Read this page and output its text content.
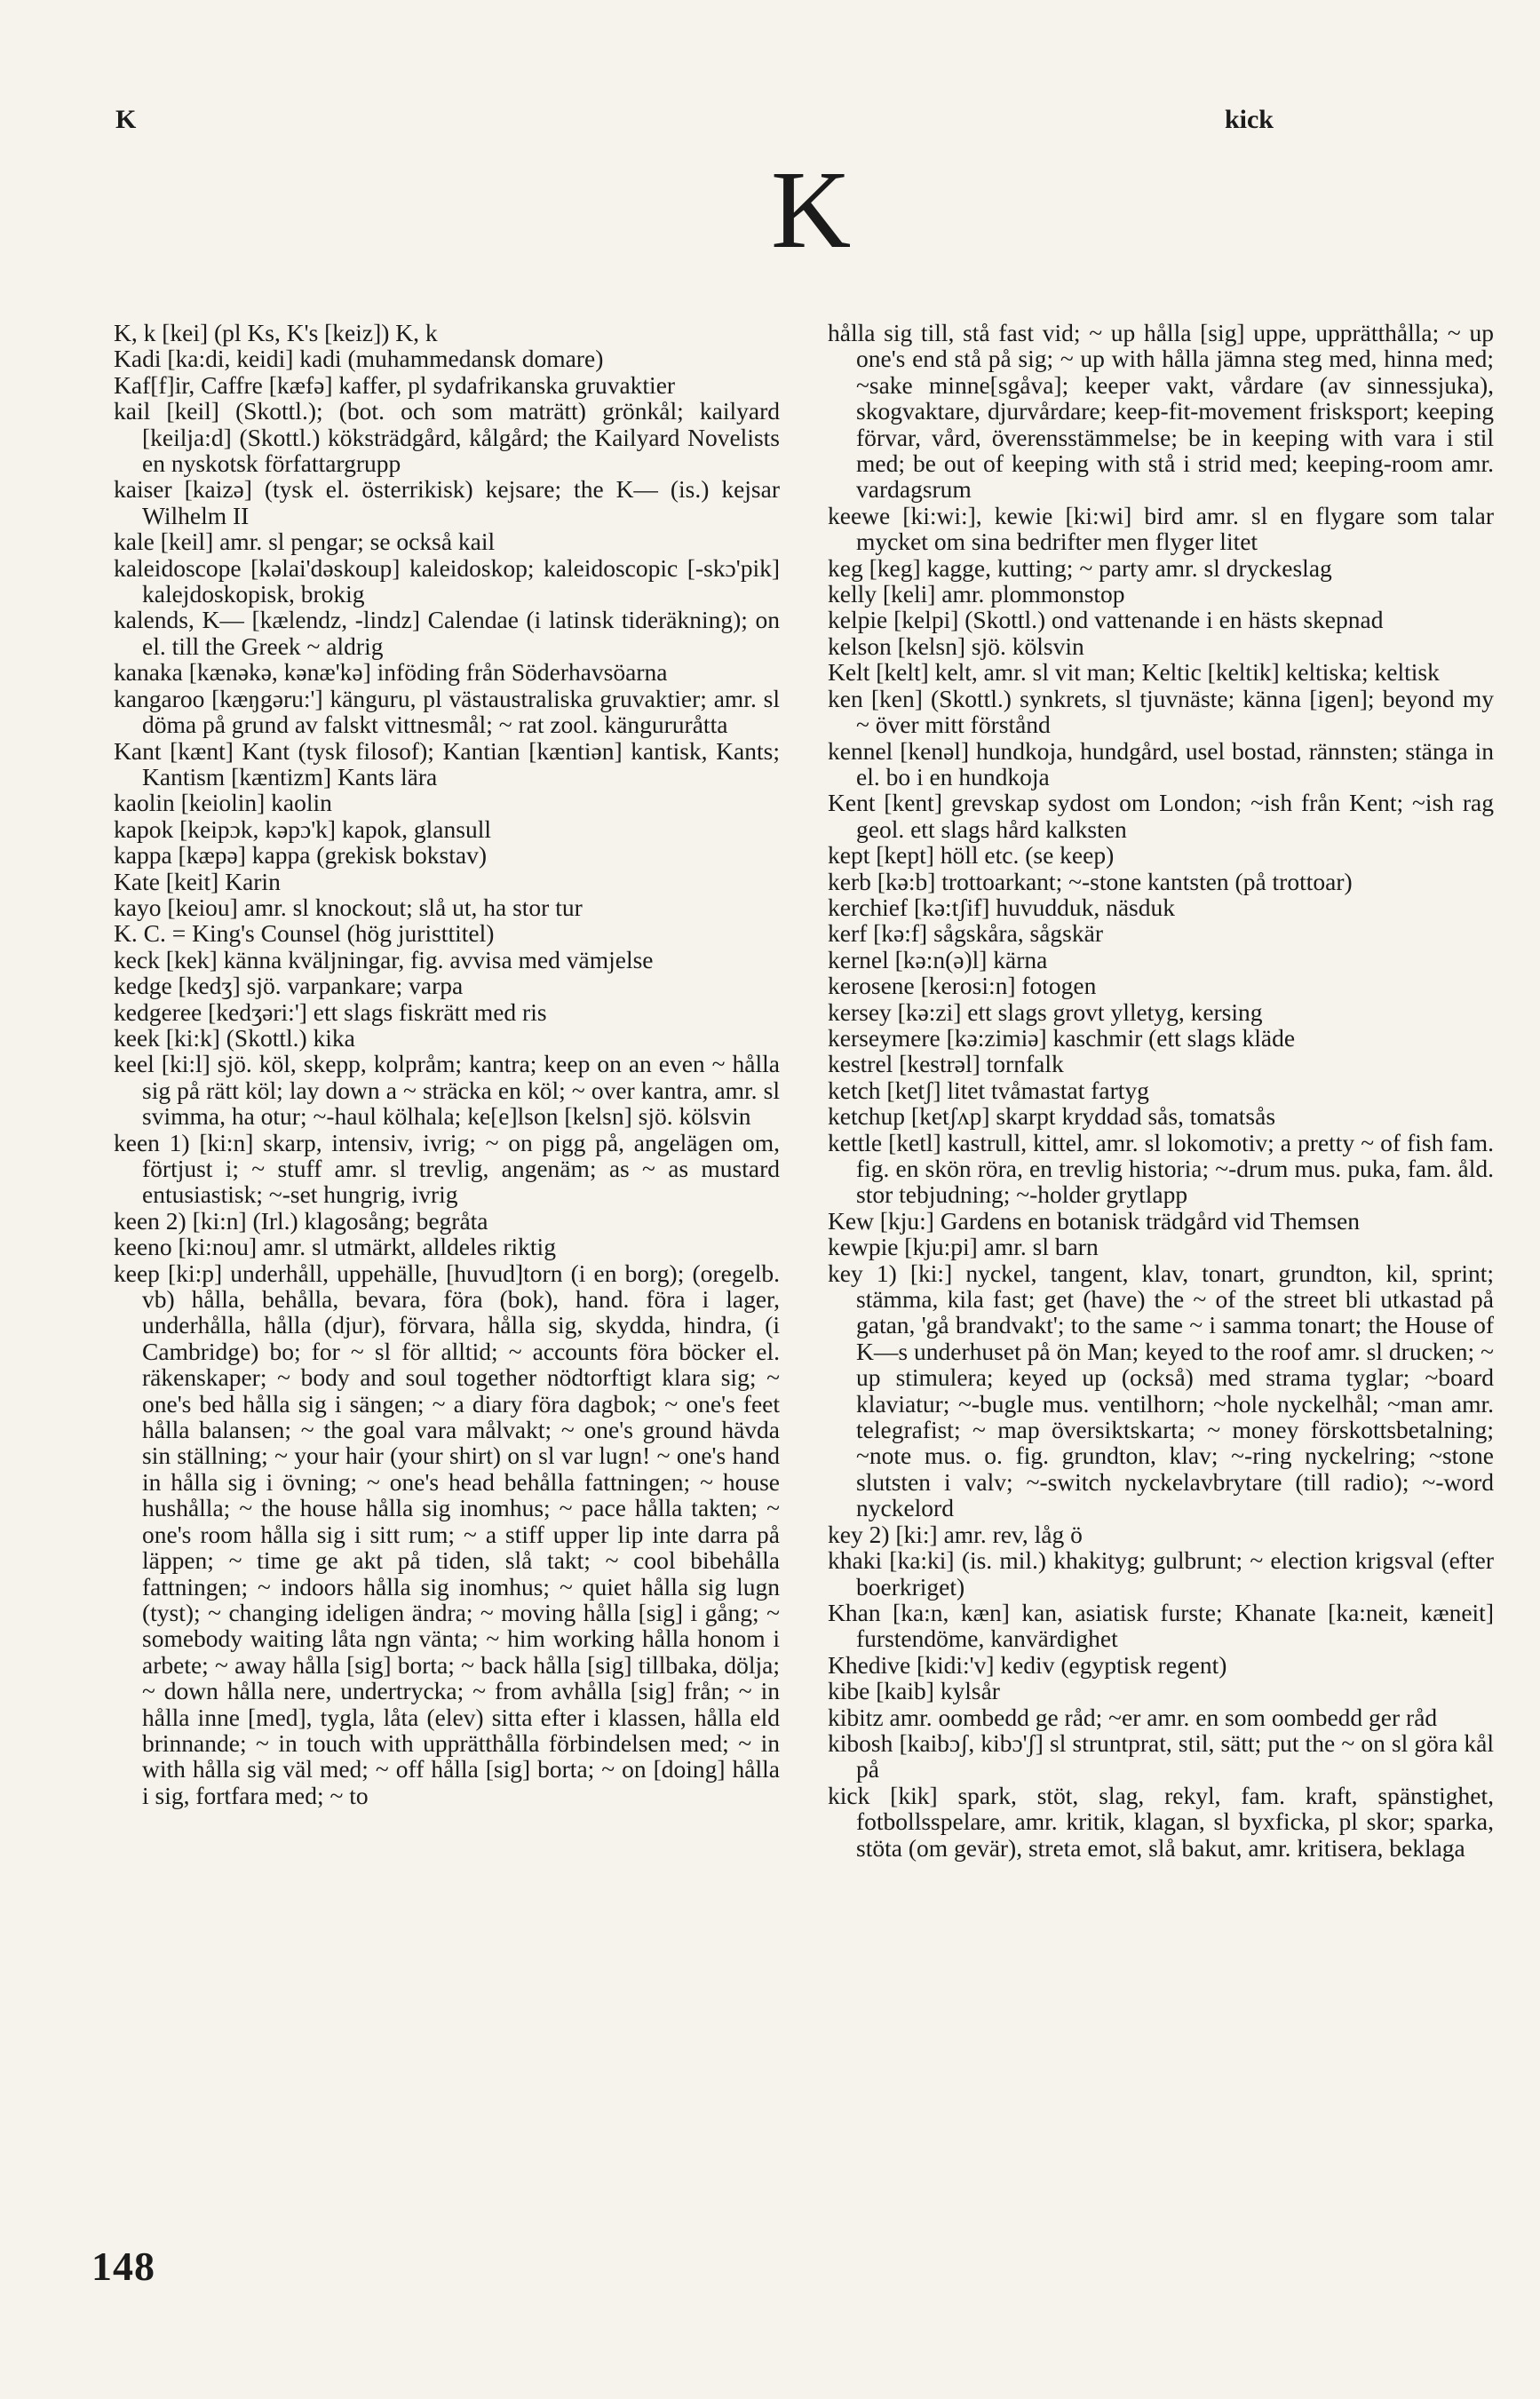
K	kick
K

K, k [kei] (pl Ks, K's [keiz]) K, k

Kadi [ka:di, keidi] kadi (muhammedansk domare)

Kaf[f]ir, Caffre [kæfə] kaffer, pl sydafrikanska gruvaktier

kail [keil] (Skottl.); (bot. och som maträtt) grönkål; kailyard [keilja:d] (Skottl.) köksträdgård, kålgård; the Kailyard Novelists en nyskotsk författargrupp

kaiser [kaizə] (tysk el. österrikisk) kejsare; the K— (is.) kejsar Wilhelm II

kale [keil] amr. sl pengar; se också kail

kaleidoscope [kəlai'dəskoup] kaleidoskop; kaleidoscopic [-skɔ'pik] kalejdoskopisk, brokig

kalends, K— [kælendz, -lindz] Calendae (i latinsk tideräkning); on el. till the Greek ~ aldrig

kanaka [kænəkə, kənæ'kə] inföding från Söderhavsöarna

kangaroo [kæŋgəru:'] känguru, pl västaustraliska gruvaktier; amr. sl döma på grund av falskt vittnesmål; ~ rat zool. kängururåtta

Kant [kænt] Kant (tysk filosof); Kantian [kæntiən] kantisk, Kants; Kantism [kæntizm] Kants lära

kaolin [keiolin] kaolin

kapok [keipɔk, kəpɔ'k] kapok, glansull

kappa [kæpə] kappa (grekisk bokstav)

Kate [keit] Karin

kayo [keiou] amr. sl knockout; slå ut, ha stor tur

K. C. = King's Counsel (hög juristtitel)

keck [kek] känna kväljningar, fig. avvisa med vämjelse

kedge [kedʒ] sjö. varpankare; varpa

kedgeree [kedʒəri:'] ett slags fiskrätt med ris

keek [ki:k] (Skottl.) kika

keel [ki:l] sjö. köl, skepp, kolpråm; kantra; keep on an even ~ hålla sig på rätt köl; lay down a ~ sträcka en köl; ~ over kantra, amr. sl svimma, ha otur; ~-haul kölhala; ke[e]lson [kelsn] sjö. kölsvin

keen 1) [ki:n] skarp, intensiv, ivrig; ~ on pigg på, angelägen om, förtjust i; ~ stuff amr. sl trevlig, angenäm; as ~ as mustard entusiastisk; ~-set hungrig, ivrig

keen 2) [ki:n] (Irl.) klagosång; begråta

keeno [ki:nou] amr. sl utmärkt, alldeles riktig

keep [ki:p] underhåll, uppehälle, [huvud]torn (i en borg); (oregelb. vb) hålla, behålla, bevara, föra (bok), hand. föra i lager, underhålla, hålla (djur), förvara, hålla sig, skydda, hindra, (i Cambridge) bo; for ~ sl för alltid; ~ accounts föra böcker el. räkenskaper; ~ body and soul together nödtorftigt klara sig; ~ one's bed hålla sig i sängen; ~ a diary föra dagbok; ~ one's feet hålla balansen; ~ the goal vara målvakt; ~ one's ground hävda sin ställning; ~ your hair (your shirt) on sl var lugn! ~ one's hand in hålla sig i övning; ~ one's head behålla fattningen; ~ house hushålla; ~ the house hålla sig inomhus; ~ pace hålla takten; ~ one's room hålla sig i sitt rum; ~ a stiff upper lip inte darra på läppen; ~ time ge akt på tiden, slå takt; ~ cool bibehålla fattningen; ~ indoors hålla sig inomhus; ~ quiet hålla sig lugn (tyst); ~ changing ideligen ändra; ~ moving hålla [sig] i gång; ~ somebody waiting låta ngn vänta; ~ him working hålla honom i arbete; ~ away hålla [sig] borta; ~ back hålla [sig] tillbaka, dölja; ~ down hålla nere, undertrycka; ~ from avhålla [sig] från; ~ in hålla inne [med], tygla, låta (elev) sitta efter i klassen, hålla eld brinnande; ~ in touch with upprätthålla förbindelsen med; ~ in with hålla sig väl med; ~ off hålla [sig] borta; ~ on [doing] hålla i sig, fortfara med; ~ to

hålla sig till, stå fast vid; ~ up hålla [sig] uppe, upprätthålla; ~ up one's end stå på sig; ~ up with hålla jämna steg med, hinna med; ~sake minne[sgåva]; keeper vakt, vårdare (av sinnessjuka), skogvaktare, djurvårdare; keep-fit-movement frisksport; keeping förvar, vård, överensstämmelse; be in keeping with vara i stil med; be out of keeping with stå i strid med; keeping-room amr. vardagsrum

keewe [ki:wi:], kewie [ki:wi] bird amr. sl en flygare som talar mycket om sina bedrifter men flyger litet

keg [keg] kagge, kutting; ~ party amr. sl dryckeslag

kelly [keli] amr. plommonstop

kelpie [kelpi] (Skottl.) ond vattenande i en hästs skepnad

kelson [kelsn] sjö. kölsvin

Kelt [kelt] kelt, amr. sl vit man; Keltic [keltik] keltiska; keltisk

ken [ken] (Skottl.) synkrets, sl tjuvnäste; känna [igen]; beyond my ~ över mitt förstånd

kennel [kenəl] hundkoja, hundgård, usel bostad, rännsten; stänga in el. bo i en hundkoja

Kent [kent] grevskap sydost om London; ~ish från Kent; ~ish rag geol. ett slags hård kalksten

kept [kept] höll etc. (se keep)

kerb [kə:b] trottoarkant; ~-stone kantsten (på trottoar)

kerchief [kə:tʃif] huvudduk, näsduk

kerf [kə:f] sågskåra, sågskär

kernel [kə:n(ə)l] kärna

kerosene [kerosi:n] fotogen

kersey [kə:zi] ett slags grovt ylletyg, kersing

kerseymere [kə:zimiə] kaschmir (ett slags kläde

kestrel [kestrəl] tornfalk

ketch [ketʃ] litet tvåmastat fartyg

ketchup [ketʃʌp] skarpt kryddad sås, tomatsås

kettle [ketl] kastrull, kittel, amr. sl lokomotiv; a pretty ~ of fish fam. fig. en skön röra, en trevlig historia; ~-drum mus. puka, fam. åld. stor tebjudning; ~-holder grytlapp

Kew [kju:] Gardens en botanisk trädgård vid Themsen

kewpie [kju:pi] amr. sl barn

key 1) [ki:] nyckel, tangent, klav, tonart, grundton, kil, sprint; stämma, kila fast; get (have) the ~ of the street bli utkastad på gatan, 'gå brandvakt'; to the same ~ i samma tonart; the House of K—s underhuset på ön Man; keyed to the roof amr. sl drucken; ~ up stimulera; keyed up (också) med strama tyglar; ~board klaviatur; ~-bugle mus. ventilhorn; ~hole nyckelhål; ~man amr. telegrafist; ~ map översiktskarta; ~ money förskottsbetalning; ~note mus. o. fig. grundton, klav; ~-ring nyckelring; ~stone slutsten i valv; ~-switch nyckelavbrytare (till radio); ~-word nyckelord

key 2) [ki:] amr. rev, låg ö

khaki [ka:ki] (is. mil.) khakityg; gulbrunt; ~ election krigsval (efter boerkriget)

Khan [ka:n, kæn] kan, asiatisk furste; Khanate [ka:neit, kæneit] furstendöme, kanvärdighet

Khedive [kidi:'v] kediv (egyptisk regent)

kibe [kaib] kylsår

kibitz amr. oombedd ge råd; ~er amr. en som oombedd ger råd

kibosh [kaibɔʃ, kibɔ'ʃ] sl struntprat, stil, sätt; put the ~ on sl göra kål på

kick [kik] spark, stöt, slag, rekyl, fam. kraft, spänstighet, fotbollsspelare, amr. kritik, klagan, sl byxficka, pl skor; sparka, stöta (om gevär), streta emot, slå bakut, amr. kritisera, beklaga

148
